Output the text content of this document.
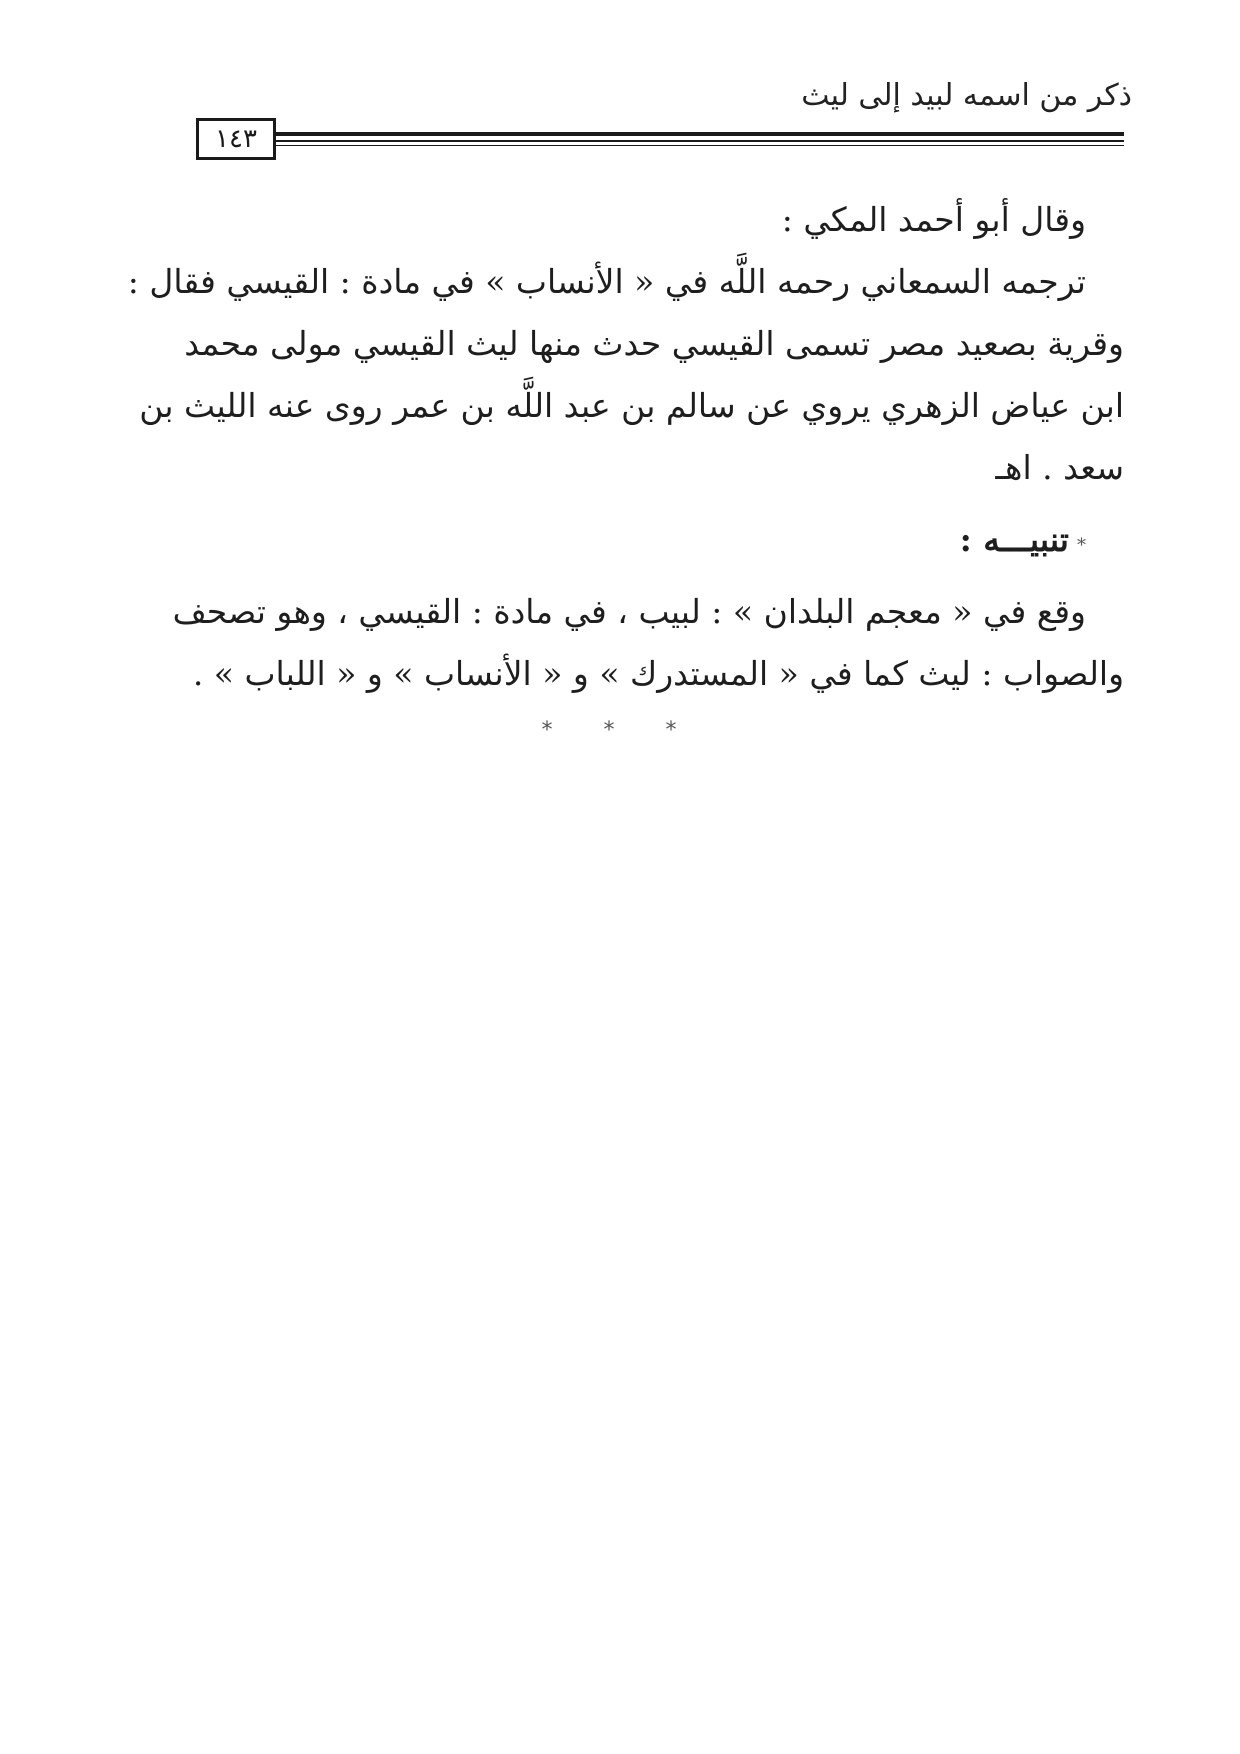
ذكر من اسمه لبيد إلى ليث
١٤٣
وقال أبو أحمد المكي :
ترجمه السمعاني رحمه اللَّه في « الأنساب » في مادة : القيسي فقال :
وقرية بصعيد مصر تسمى القيسي حدث منها ليث القيسي مولى محمد
ابن عياض الزهري يروي عن سالم بن عبد اللَّه بن عمر روى عنه الليث بن
سعد . اهـ
*تنبيـــه :
وقع في « معجم البلدان » : لبيب ، في مادة : القيسي ، وهو تصحف
والصواب : ليث كما في « المستدرك » و « الأنساب » و « اللباب » .
* * *
